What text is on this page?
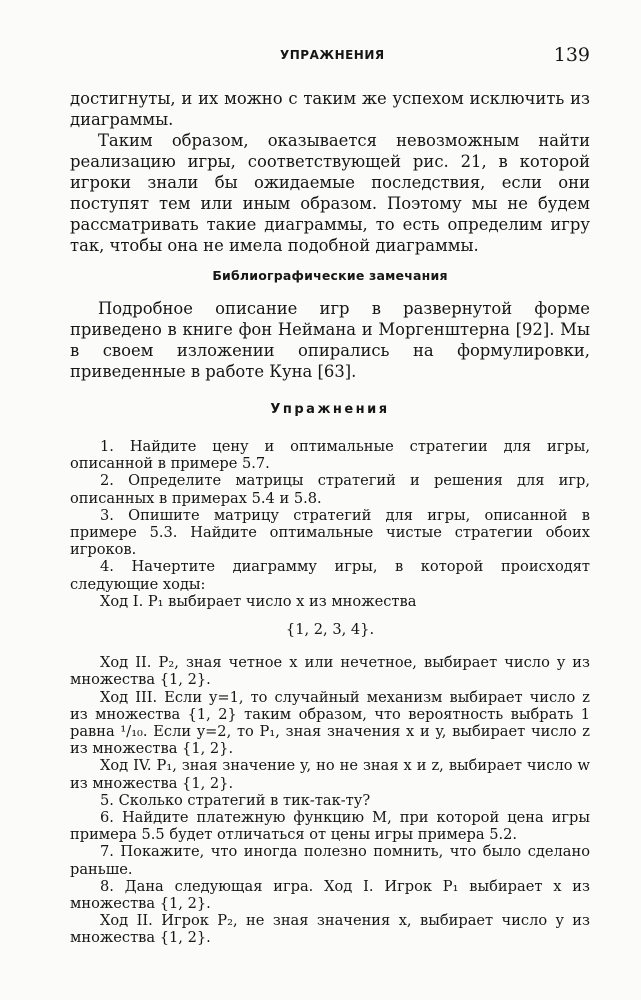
УПРАЖНЕНИЯ	139

достигнуты, и их можно с таким же успехом исключить из диаграммы.

Таким образом, оказывается невозможным найти реализацию игры, соответствующей рис. 21, в которой игроки знали бы ожидаемые последствия, если они поступят тем или иным образом. Поэтому мы не будем рассматривать такие диаграммы, то есть определим игру так, чтобы она не имела подобной диаграммы.

Библиографические замечания

Подробное описание игр в развернутой форме приведено в книге фон Неймана и Моргенштерна [92]. Мы в своем изложении опирались на формулировки, приведенные в работе Куна [63].

Упражнения

1. Найдите цену и оптимальные стратегии для игры, описанной в примере 5.7.

2. Определите матрицы стратегий и решения для игр, описанных в примерах 5.4 и 5.8.

3. Опишите матрицу стратегий для игры, описанной в примере 5.3. Найдите оптимальные чистые стратегии обоих игроков.

4. Начертите диаграмму игры, в которой происходят следующие ходы:

Ход I. P₁ выбирает число x из множества

{1, 2, 3, 4}.

Ход II. P₂, зная четное x или нечетное, выбирает число y из множества {1, 2}.

Ход III. Если y=1, то случайный механизм выбирает число z из множества {1, 2} таким образом, что вероятность выбрать 1 равна ¹/₁₀. Если y=2, то P₁, зная значения x и y, выбирает число z из множества {1, 2}.

Ход IV. P₁, зная значение y, но не зная x и z, выбирает число w из множества {1, 2}.

5. Сколько стратегий в тик-так-ту?

6. Найдите платежную функцию M, при которой цена игры примера 5.5 будет отличаться от цены игры примера 5.2.

7. Покажите, что иногда полезно помнить, что было сделано раньше.

8. Дана следующая игра. Ход I. Игрок P₁ выбирает x из множества {1, 2}.

Ход II. Игрок P₂, не зная значения x, выбирает число y из множества {1, 2}.
